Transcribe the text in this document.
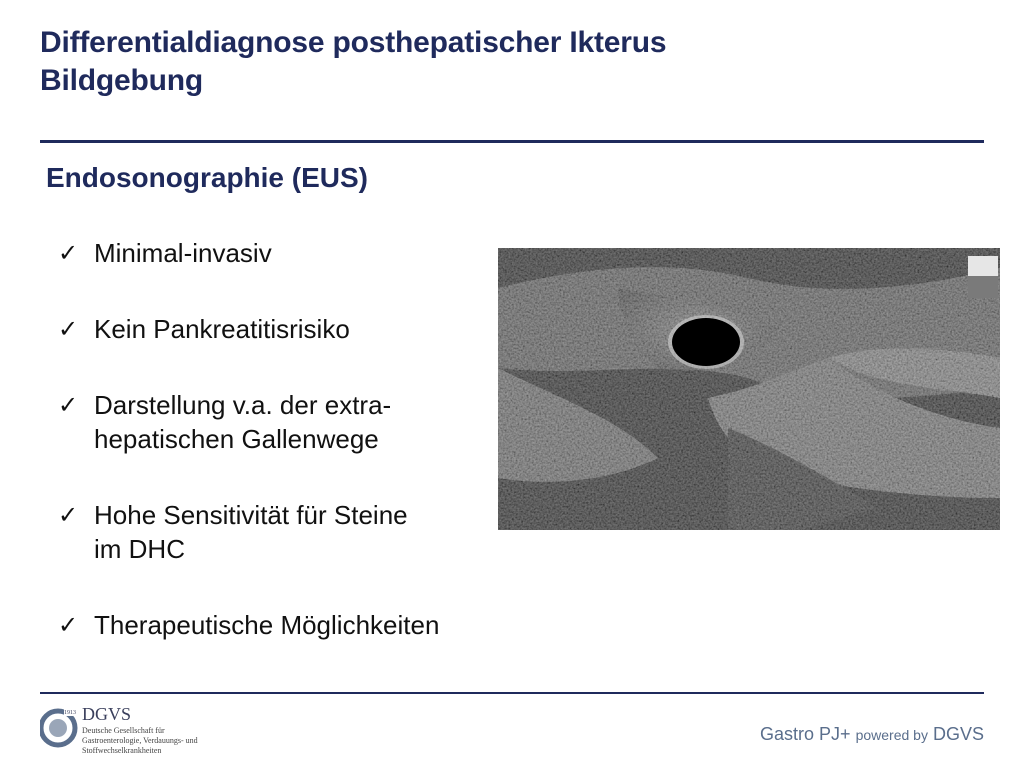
Differentialdiagnose posthepatischer Ikterus
Bildgebung
Endosonographie (EUS)
✓ Minimal-invasiv
✓ Kein Pankreatitisrisiko
✓ Darstellung v.a. der extra-
hepatischen Gallenwege
✓ Hohe Sensitivität für Steine
im DHC
✓ Therapeutische Möglichkeiten
1913 DGVS
Deutsche Gesellschaft für Gastroenterologie, Verdauungs- und Stoffwechselkrankheiten
Gastro PJ+ powered by DGVS
